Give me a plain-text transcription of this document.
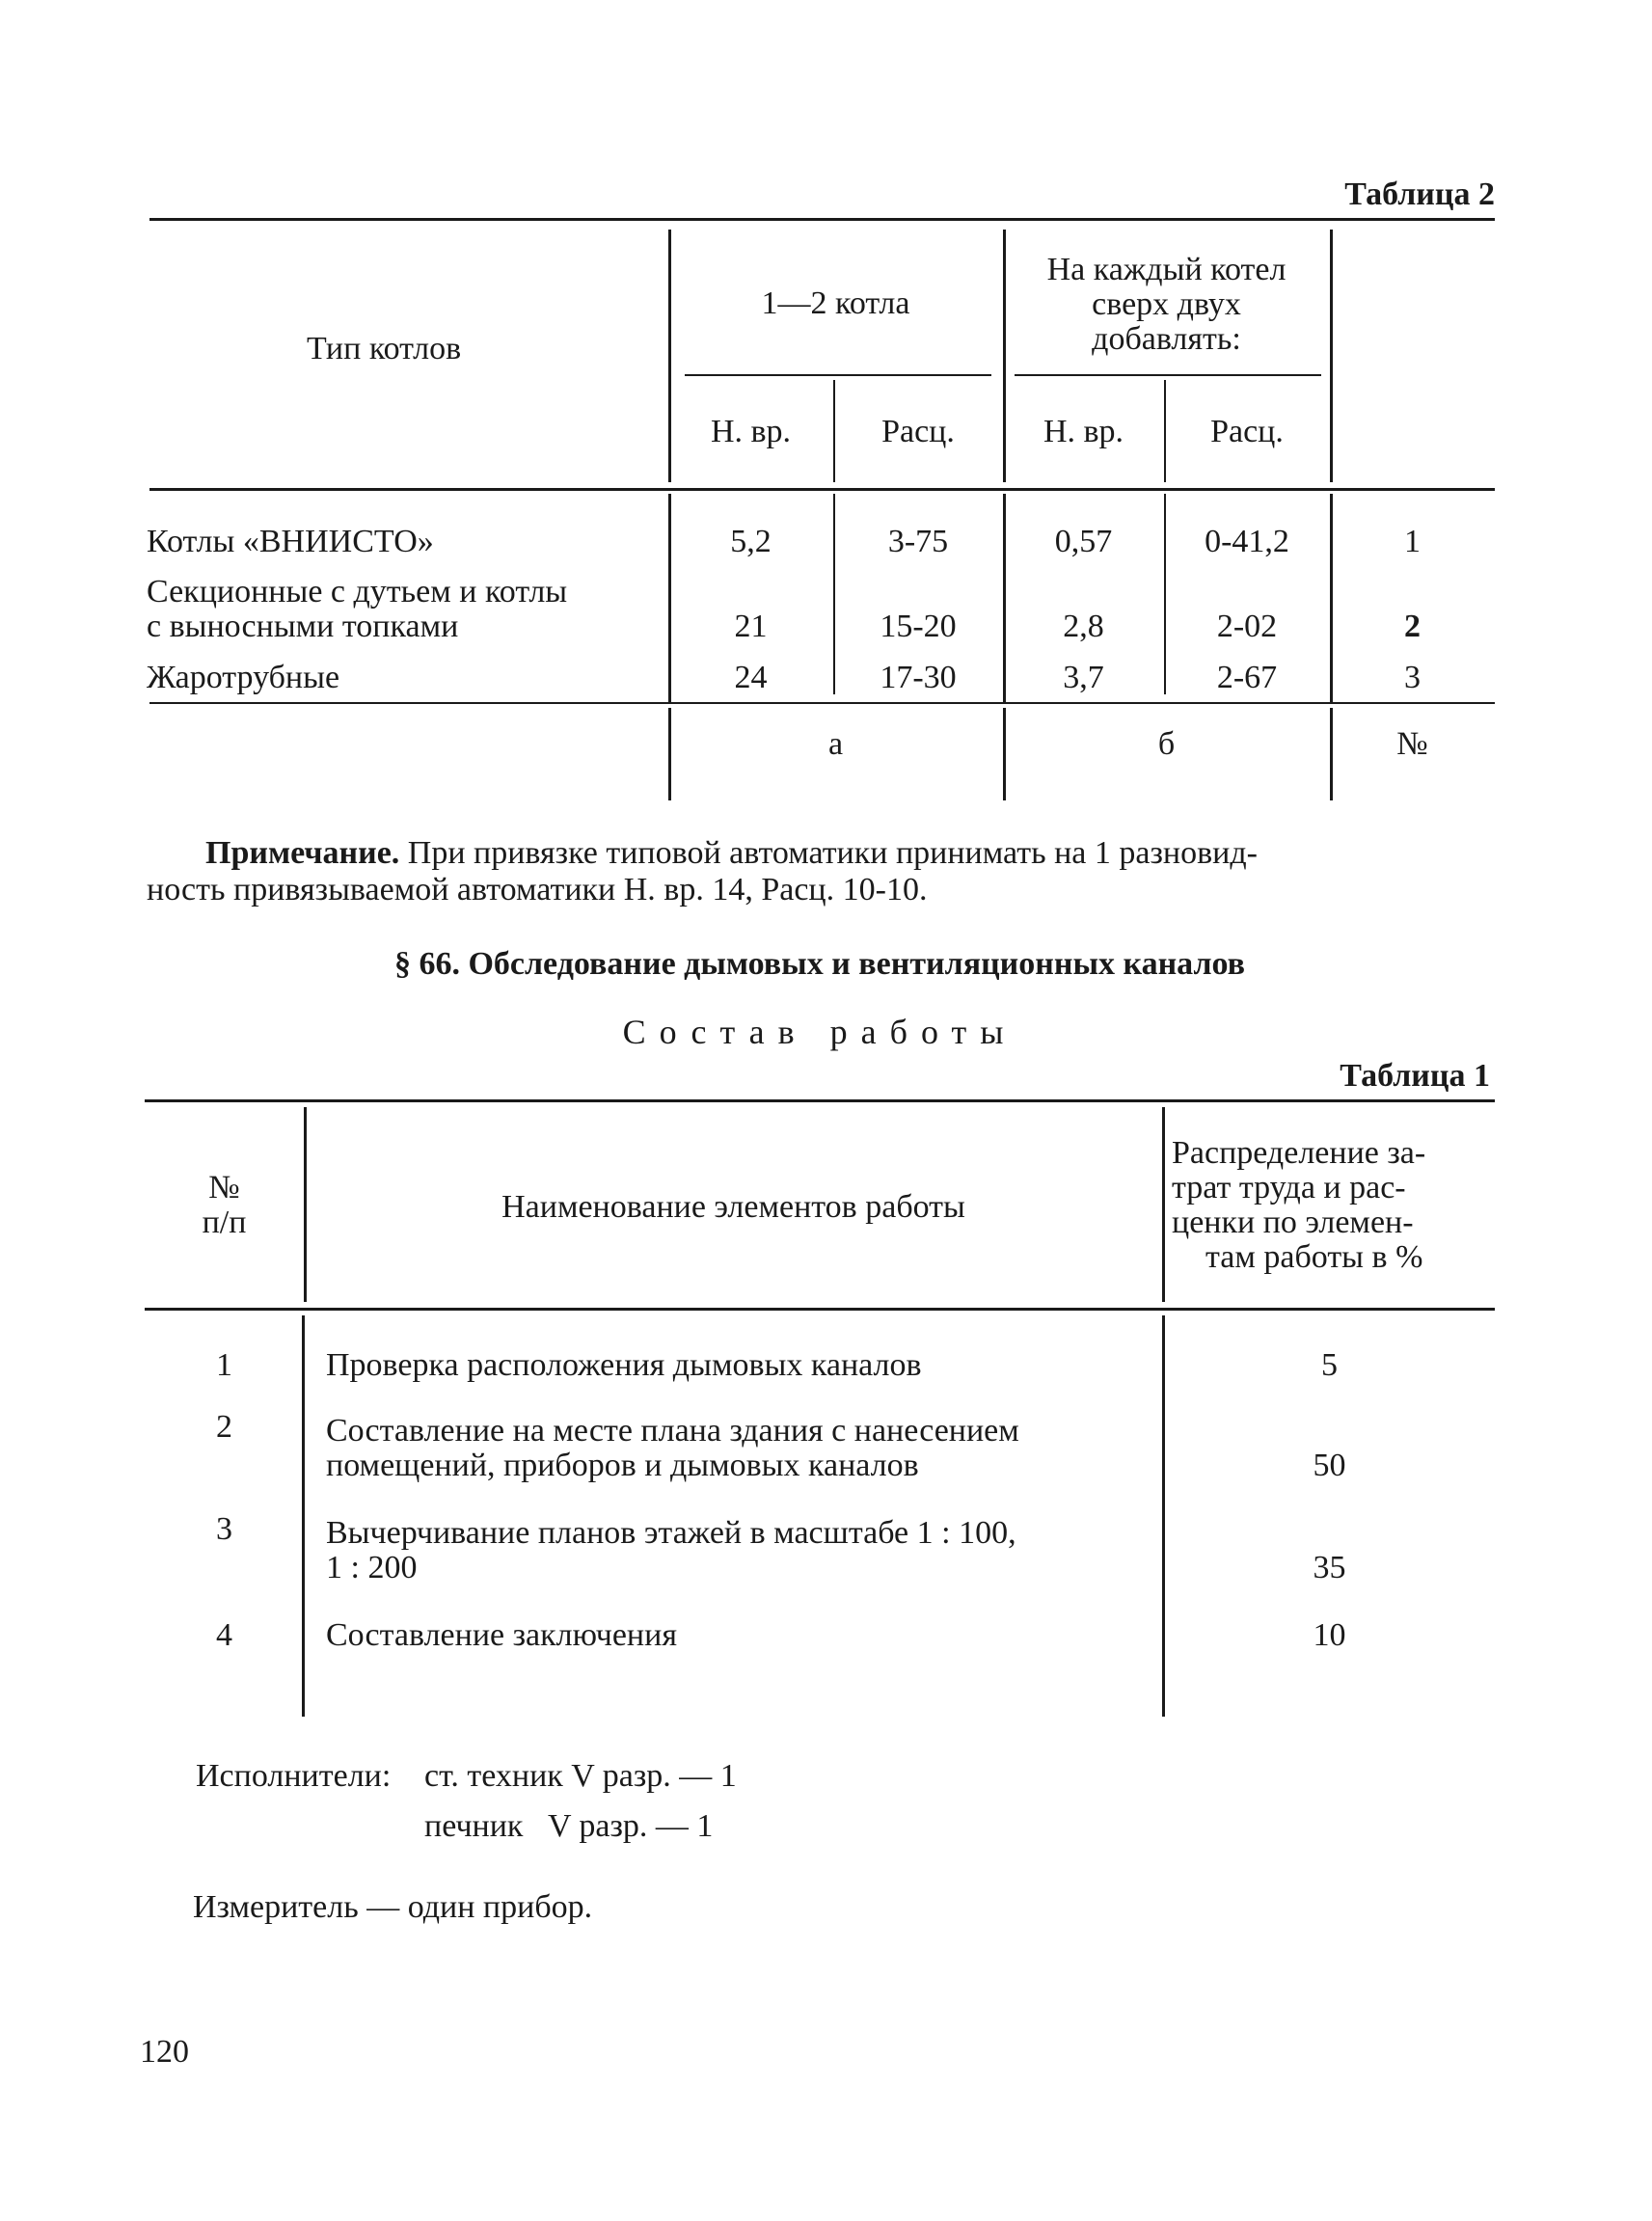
Таблица 2
Тип котлов
1—2 котла
На каждый котел
сверх двух
добавлять:
Н. вр.	Расц.	Н. вр.	Расц.
Котлы «ВНИИСТО»	5,2	3-75	0,57	0-41,2	1
Секционные с дутьем и котлы
с выносными топками	21	15-20	2,8	2-02	2
Жаротрубные	24	17-30	3,7	2-67	3
а	б	№
Примечание. При привязке типовой автоматики принимать на 1 разновид-
ность привязываемой автоматики Н. вр. 14, Расц. 10-10.
§ 66. Обследование дымовых и вентиляционных каналов
Состав работы
Таблица 1
№
п/п	Наименование элементов работы
Распределение за-
трат труда и рас-
ценки по элемен-
там работы в %
1	Проверка расположения дымовых каналов	5
2	Составление на месте плана здания с нанесением
помещений, приборов и дымовых каналов	50
3	Вычерчивание планов этажей в масштабе 1 : 100,
1 : 200	35
4	Составление заключения	10
Исполнители: ст. техник V разр. — 1
печник   V разр. — 1
Измеритель — один прибор.
120
